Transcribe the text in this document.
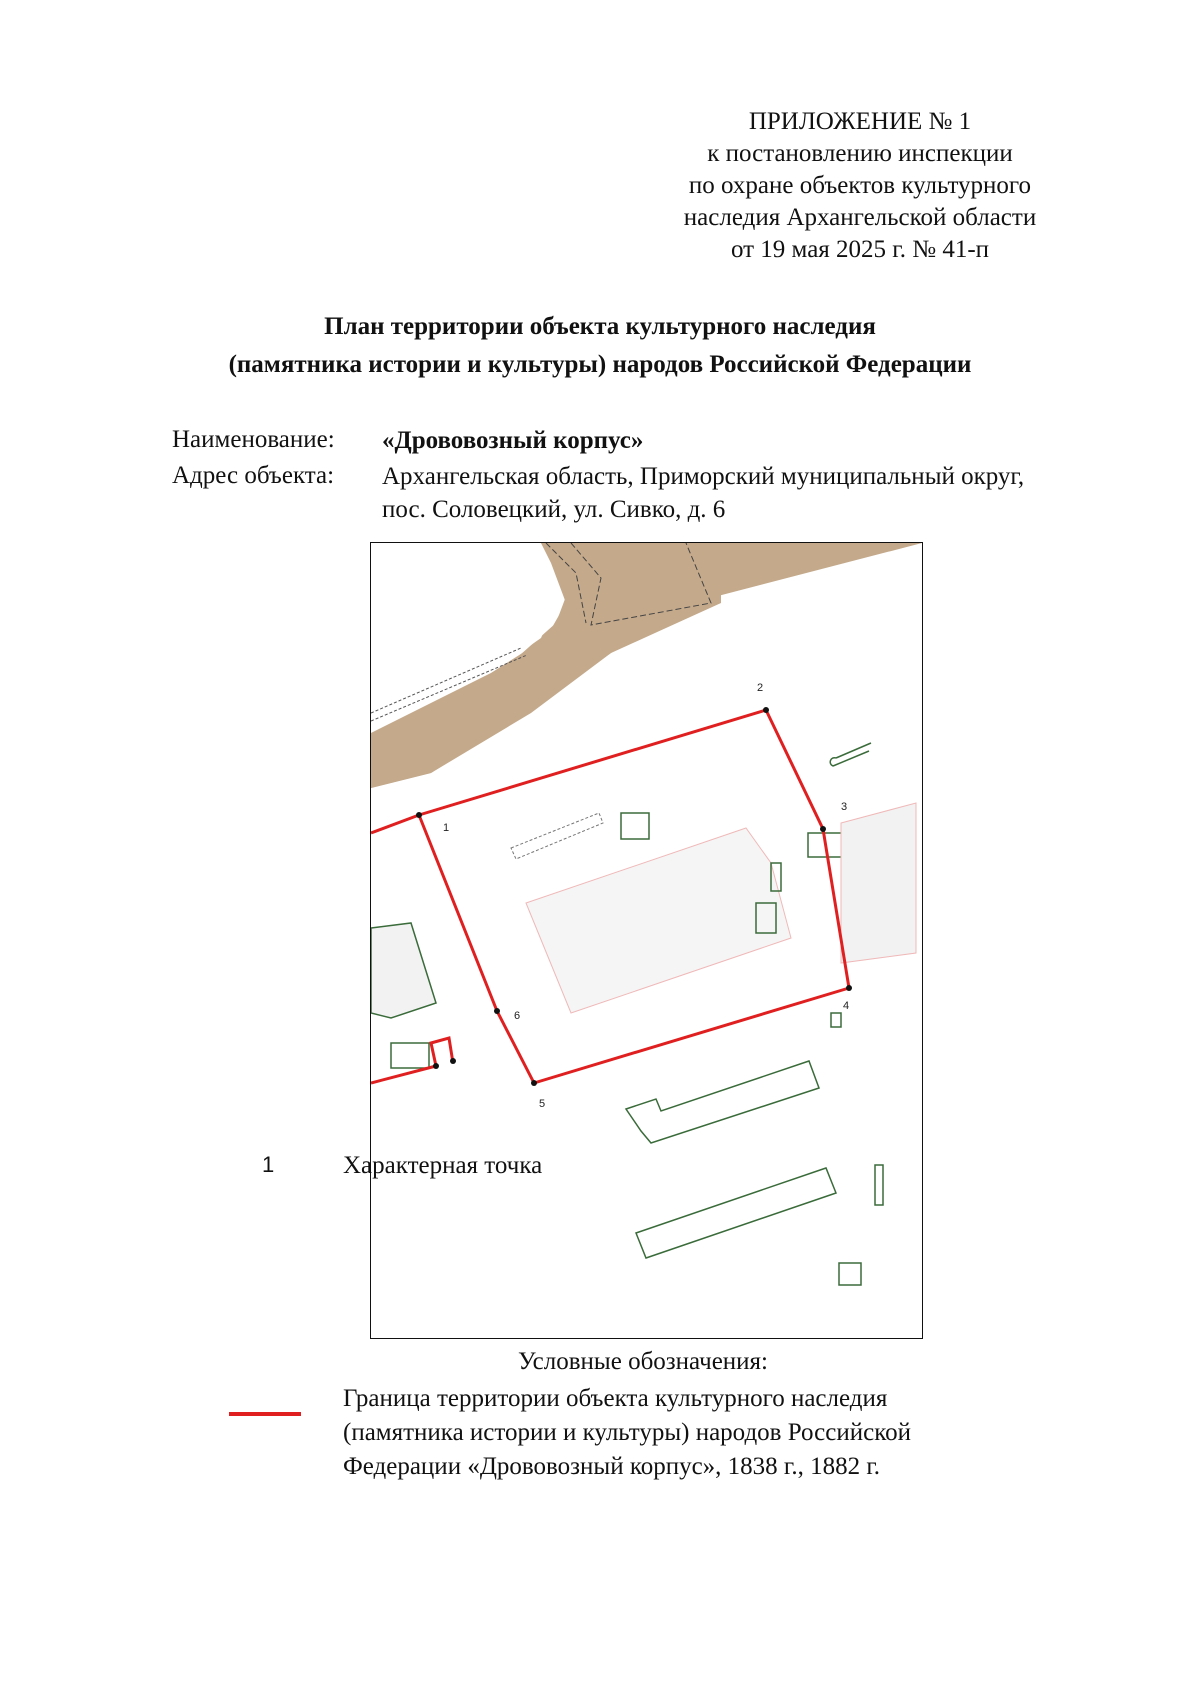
ПРИЛОЖЕНИЕ № 1
к постановлению инспекции
по охране объектов культурного
наследия Архангельской области
от 19 мая 2025 г. № 41-п
План территории объекта культурного наследия
(памятника истории и культуры) народов Российской Федерации
Наименование: «Дрововозный корпус»
Адрес объекта: Архангельская область, Приморский муниципальный округ,
пос. Соловецкий, ул. Сивко, д. 6
1
2
3
4
5
6
Условные обозначения:
Граница территории объекта культурного наследия
(памятника истории и культуры) народов Российской
Федерации «Дрововозный корпус», 1838 г., 1882 г.
1	Характерная точка
